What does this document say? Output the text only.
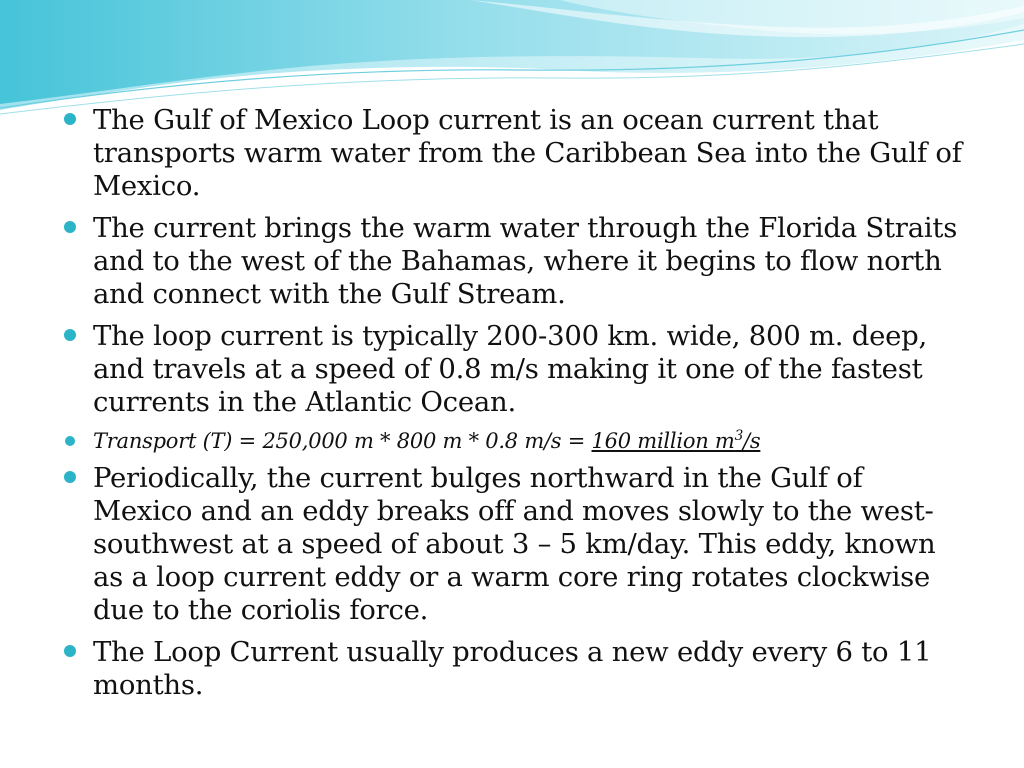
The Gulf of Mexico Loop current is an ocean current that transports warm water from the Caribbean Sea into the Gulf of Mexico.
The current brings the warm water through the Florida Straits and to the west of the Bahamas, where it begins to flow north and connect with the Gulf Stream.
The loop current is typically 200-300 km. wide, 800 m. deep, and travels at a speed of 0.8 m/s making it one of the fastest currents in the Atlantic Ocean.
Transport (T) = 250,000 m * 800 m * 0.8 m/s = 160 million $m^3/s$
Periodically, the current bulges northward in the Gulf of Mexico and an eddy breaks off and moves slowly to the west-southwest at a speed of about 3 – 5 km/day. This eddy, known as a loop current eddy or a warm core ring rotates clockwise due to the coriolis force.
The Loop Current usually produces a new eddy every 6 to 11 months.
